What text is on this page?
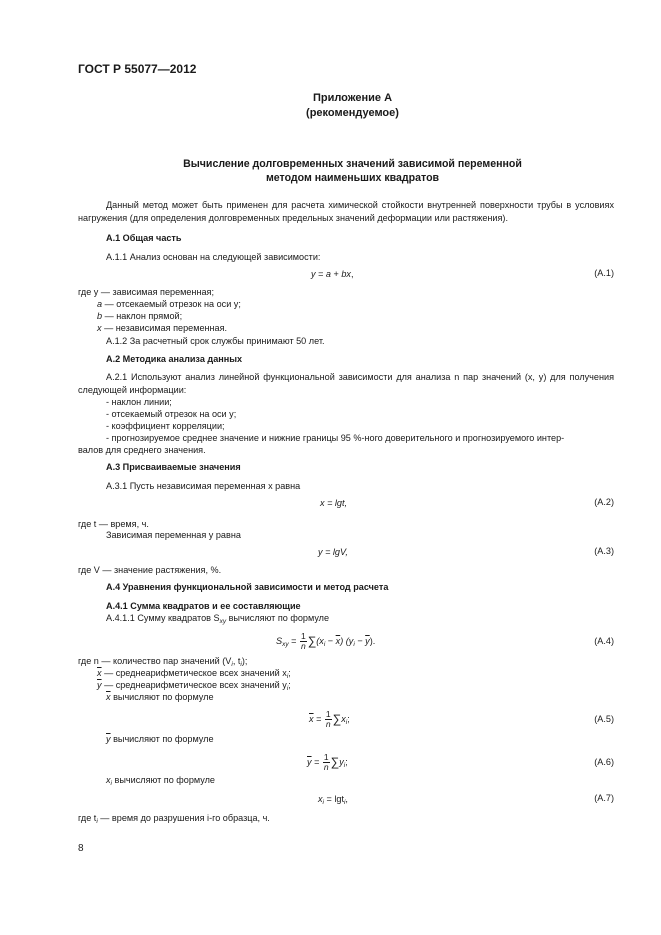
ГОСТ Р 55077—2012
Приложение А
(рекомендуемое)
Вычисление долговременных значений зависимой переменной
методом наименьших квадратов
Данный метод может быть применен для расчета химической стойкости внутренней поверхности трубы в условиях нагружения (для определения долговременных предельных значений деформации или растяжения).
А.1 Общая часть
А.1.1 Анализ основан на следующей зависимости:
y = a + bx,	(А.1)
где y — зависимая переменная;
a — отсекаемый отрезок на оси y;
b — наклон прямой;
x — независимая переменная.
А.1.2 За расчетный срок службы принимают 50 лет.
А.2 Методика анализа данных
А.2.1 Используют анализ линейной функциональной зависимости для анализа n пар значений (x, y) для получения следующей информации:
- наклон линии;
- отсекаемый отрезок на оси y;
- коэффициент корреляции;
- прогнозируемое среднее значение и нижние границы 95 %-ного доверительного и прогнозируемого интер-
валов для среднего значения.
А.3 Присваиваемые значения
А.3.1 Пусть независимая переменная x равна
x = lgt,	(А.2)
где t — время, ч.
Зависимая переменная y равна
y = lgV,	(А.3)
где V — значение растяжения, %.
А.4 Уравнения функциональной зависимости и метод расчета
А.4.1 Сумма квадратов и ее составляющие
А.4.1.1 Сумму квадратов $S_{xy}$ вычисляют по формуле
$S_{xy} = \frac{1}{n} \sum(x_i - \overline{x}) (y_i - \overline{y})$.	(А.4)
где n — количество пар значений ($V_i$, $t_i$);
$\overline{x}$ — среднеарифметическое всех значений $x_i$;
$\overline{y}$ — среднеарифметическое всех значений $y_i$;
$\overline{x}$ вычисляют по формуле
$\overline{x} = \frac{1}{n} \sum x_i$;	(А.5)
$\overline{y}$ вычисляют по формуле
$\overline{y} = \frac{1}{n} \sum y_i$;	(А.6)
$x_i$ вычисляют по формуле
$x_i = \lg t_i$,	(А.7)
где $t_i$ — время до разрушения i-го образца, ч.
8
